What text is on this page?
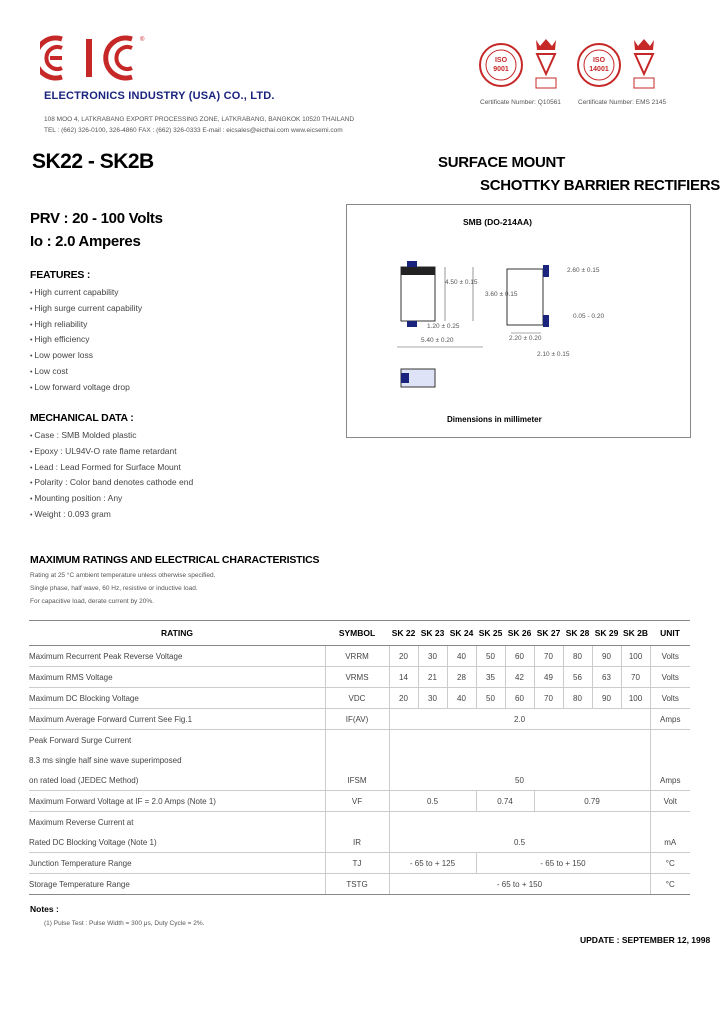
®
ELECTRONICS INDUSTRY (USA) CO., LTD.
108 MOO 4, LATKRABANG EXPORT PROCESSING ZONE, LATKRABANG, BANGKOK 10520 THAILAND
TEL : (662) 326-0100, 326-4860 FAX : (662) 326-0333 E-mail : eicsales@eicthai.com www.eicsemi.com
ISO
9001
ISO
14001
Certificate Number: Q10561	Certificate Number: EMS 2145
SK22 - SK2B	SURFACE MOUNT
SCHOTTKY BARRIER RECTIFIERS
PRV : 20 - 100 Volts
Io : 2.0 Amperes
FEATURES :
• High current capability
• High surge current capability
• High reliability
• High efficiency
• Low power loss
• Low cost
• Low forward voltage drop
MECHANICAL DATA :
• Case : SMB Molded plastic
• Epoxy : UL94V-O rate flame retardant
• Lead : Lead Formed for Surface Mount
• Polarity : Color band denotes cathode end
• Mounting position : Any
• Weight : 0.093 gram
SMB (DO-214AA)
2.60 ± 0.15
4.50 ± 0.15
3.60 ± 0.15
1.20 ± 0.25
5.40 ± 0.20	2.20 ± 0.20
0.05 - 0.20
2.10 ± 0.15
Dimensions in millimeter
MAXIMUM RATINGS AND ELECTRICAL CHARACTERISTICS
Rating at 25 °C ambient temperature unless otherwise specified.
Single phase, half wave, 60 Hz, resistive or inductive load.
For capacitive load, derate current by 20%.
RATING	SYMBOL	SK 22	SK 23	SK 24	SK 25	SK 26	SK 27	SK 28	SK 29	SK 2B	UNIT
Maximum Recurrent Peak Reverse Voltage	VRRM	20	30	40	50	60	70	80	90	100	Volts
Maximum RMS Voltage	VRMS	14	21	28	35	42	49	56	63	70	Volts
Maximum DC Blocking Voltage	VDC	20	30	40	50	60	70	80	90	100	Volts
Maximum Average Forward Current See Fig.1	IF(AV)	2.0									Amps
Peak Forward Surge Current											
8.3 ms single half sine wave superimposed											
on rated load (JEDEC Method)	IFSM	50									Amps
Maximum Forward Voltage at IF = 2.0 Amps (Note 1)	VF	0.5			0.74		0.79				Volt
Maximum Reverse Current at											
Rated DC Blocking Voltage (Note 1)	IR	0.5									mA
Junction Temperature Range	TJ	- 65 to + 125			- 65 to + 150						°C
Storage Temperature Range	TSTG	- 65 to + 150									°C
Notes :
(1) Pulse Test : Pulse Width = 300 μs, Duty Cycle = 2%.
UPDATE : SEPTEMBER 12, 1998
